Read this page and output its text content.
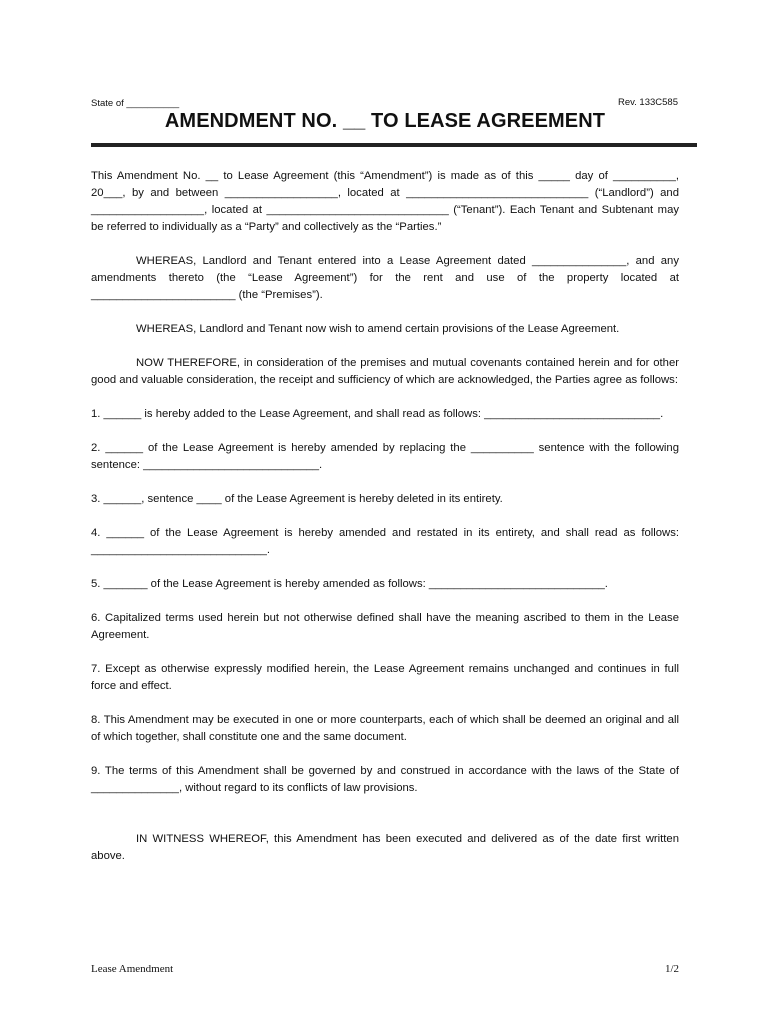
State of __________	Rev. 133C585
AMENDMENT NO. __ TO LEASE AGREEMENT

This Amendment No. __ to Lease Agreement (this “Amendment”) is made as of this _____ day of __________, 20___, by and between __________________, located at _____________________________ (“Landlord”) and __________________, located at _____________________________ (“Tenant”). Each Tenant and Subtenant may be referred to individually as a “Party” and collectively as the “Parties.”

WHEREAS, Landlord and Tenant entered into a Lease Agreement dated _______________, and any amendments thereto (the “Lease Agreement”) for the rent and use of the property located at _______________________ (the “Premises”).

WHEREAS, Landlord and Tenant now wish to amend certain provisions of the Lease Agreement.

NOW THEREFORE, in consideration of the premises and mutual covenants contained herein and for other good and valuable consideration, the receipt and sufficiency of which are acknowledged, the Parties agree as follows:

1. ______ is hereby added to the Lease Agreement, and shall read as follows: ____________________________.

2. ______ of the Lease Agreement is hereby amended by replacing the __________ sentence with the following sentence: ____________________________.

3. ______, sentence ____ of the Lease Agreement is hereby deleted in its entirety.

4. ______ of the Lease Agreement is hereby amended and restated in its entirety, and shall read as follows: ____________________________.

5. _______ of the Lease Agreement is hereby amended as follows: ____________________________.

6. Capitalized terms used herein but not otherwise defined shall have the meaning ascribed to them in the Lease Agreement.

7. Except as otherwise expressly modified herein, the Lease Agreement remains unchanged and continues in full force and effect.

8. This Amendment may be executed in one or more counterparts, each of which shall be deemed an original and all of which together, shall constitute one and the same document.

9. The terms of this Amendment shall be governed by and construed in accordance with the laws of the State of ______________, without regard to its conflicts of law provisions.

IN WITNESS WHEREOF, this Amendment has been executed and delivered as of the date first written above.

Lease Amendment	1/2
